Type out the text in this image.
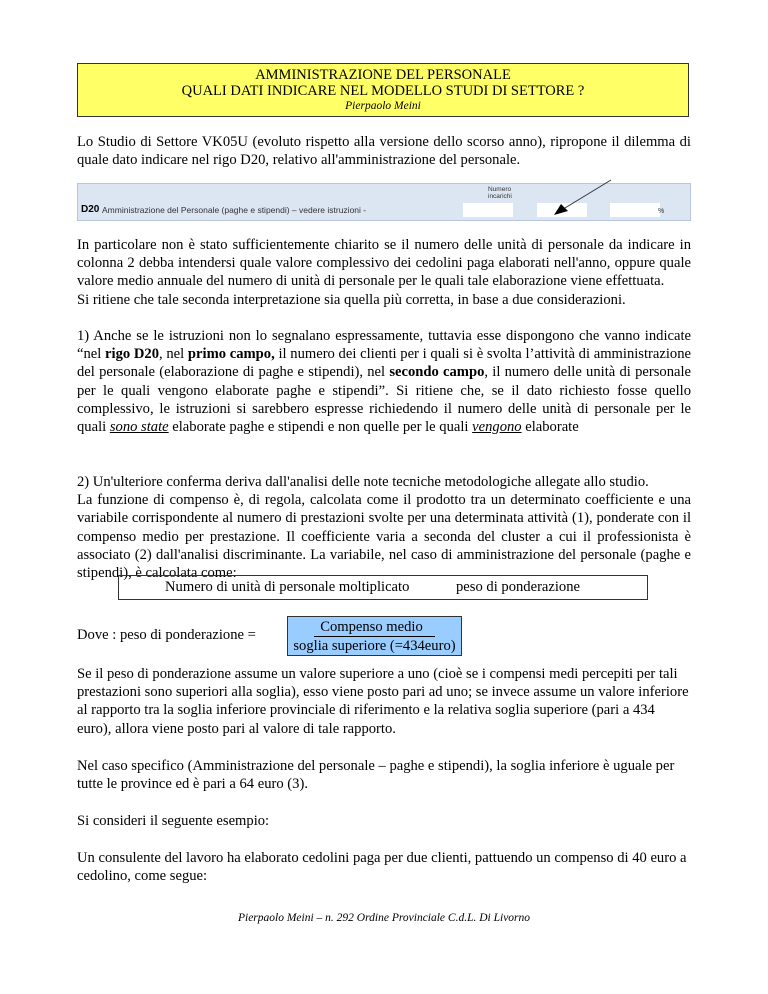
AMMINISTRAZIONE DEL PERSONALE
QUALI DATI INDICARE NEL MODELLO STUDI DI SETTORE ?
Pierpaolo Meini
Lo Studio di Settore VK05U (evoluto rispetto alla versione dello scorso anno), ripropone il dilemma di quale dato indicare nel rigo D20, relativo all'amministrazione del personale.
D20 Amministrazione del Personale (paghe e stipendi) – vedere istruzioni -
Numero
incarichi
%
In particolare non è stato sufficientemente chiarito se il numero delle unità di personale da indicare in colonna 2 debba intendersi quale valore complessivo dei cedolini paga elaborati nell'anno, oppure quale valore medio annuale del numero di unità di personale per le quali tale elaborazione viene effettuata.
Si ritiene che tale seconda interpretazione sia quella più corretta, in base a due considerazioni.
1) Anche se le istruzioni non lo segnalano espressamente, tuttavia esse dispongono che vanno indicate “nel rigo D20, nel primo campo, il numero dei clienti per i quali si è svolta l’attività di amministrazione del personale (elaborazione di paghe e stipendi), nel secondo campo, il numero delle unità di personale per le quali vengono elaborate paghe e stipendi”. Si ritiene che, se il dato richiesto fosse quello complessivo, le istruzioni si sarebbero espresse richiedendo il numero delle unità di personale per le quali sono state elaborate paghe e stipendi e non quelle per le quali vengono elaborate
2) Un'ulteriore conferma deriva dall'analisi delle note tecniche metodologiche allegate allo studio.
La funzione di compenso è, di regola, calcolata come il prodotto tra un determinato coefficiente e una variabile corrispondente al numero di prestazioni svolte per una determinata attività (1), ponderate con il compenso medio per prestazione. Il coefficiente varia a seconda del cluster a cui il professionista è associato (2) dall'analisi discriminante. La variabile, nel caso di amministrazione del personale (paghe e stipendi), è calcolata come:
Numero di unità di personale moltiplicato	peso di ponderazione
Dove : peso di ponderazione =	Compenso medio
soglia superiore (=434euro)
Se il peso di ponderazione assume un valore superiore a uno (cioè se i compensi medi percepiti per tali prestazioni sono superiori alla soglia), esso viene posto pari ad uno; se invece assume un valore inferiore al rapporto tra la soglia inferiore provinciale di riferimento e la relativa soglia superiore (pari a 434 euro), allora viene posto pari al valore di tale rapporto.
Nel caso specifico (Amministrazione del personale – paghe e stipendi), la soglia inferiore è uguale per tutte le province ed è pari a 64 euro (3).
Si consideri il seguente esempio:
Un consulente del lavoro ha elaborato cedolini paga per due clienti, pattuendo un compenso di 40 euro a cedolino, come segue:
Pierpaolo Meini – n. 292 Ordine Provinciale C.d.L. Di Livorno
